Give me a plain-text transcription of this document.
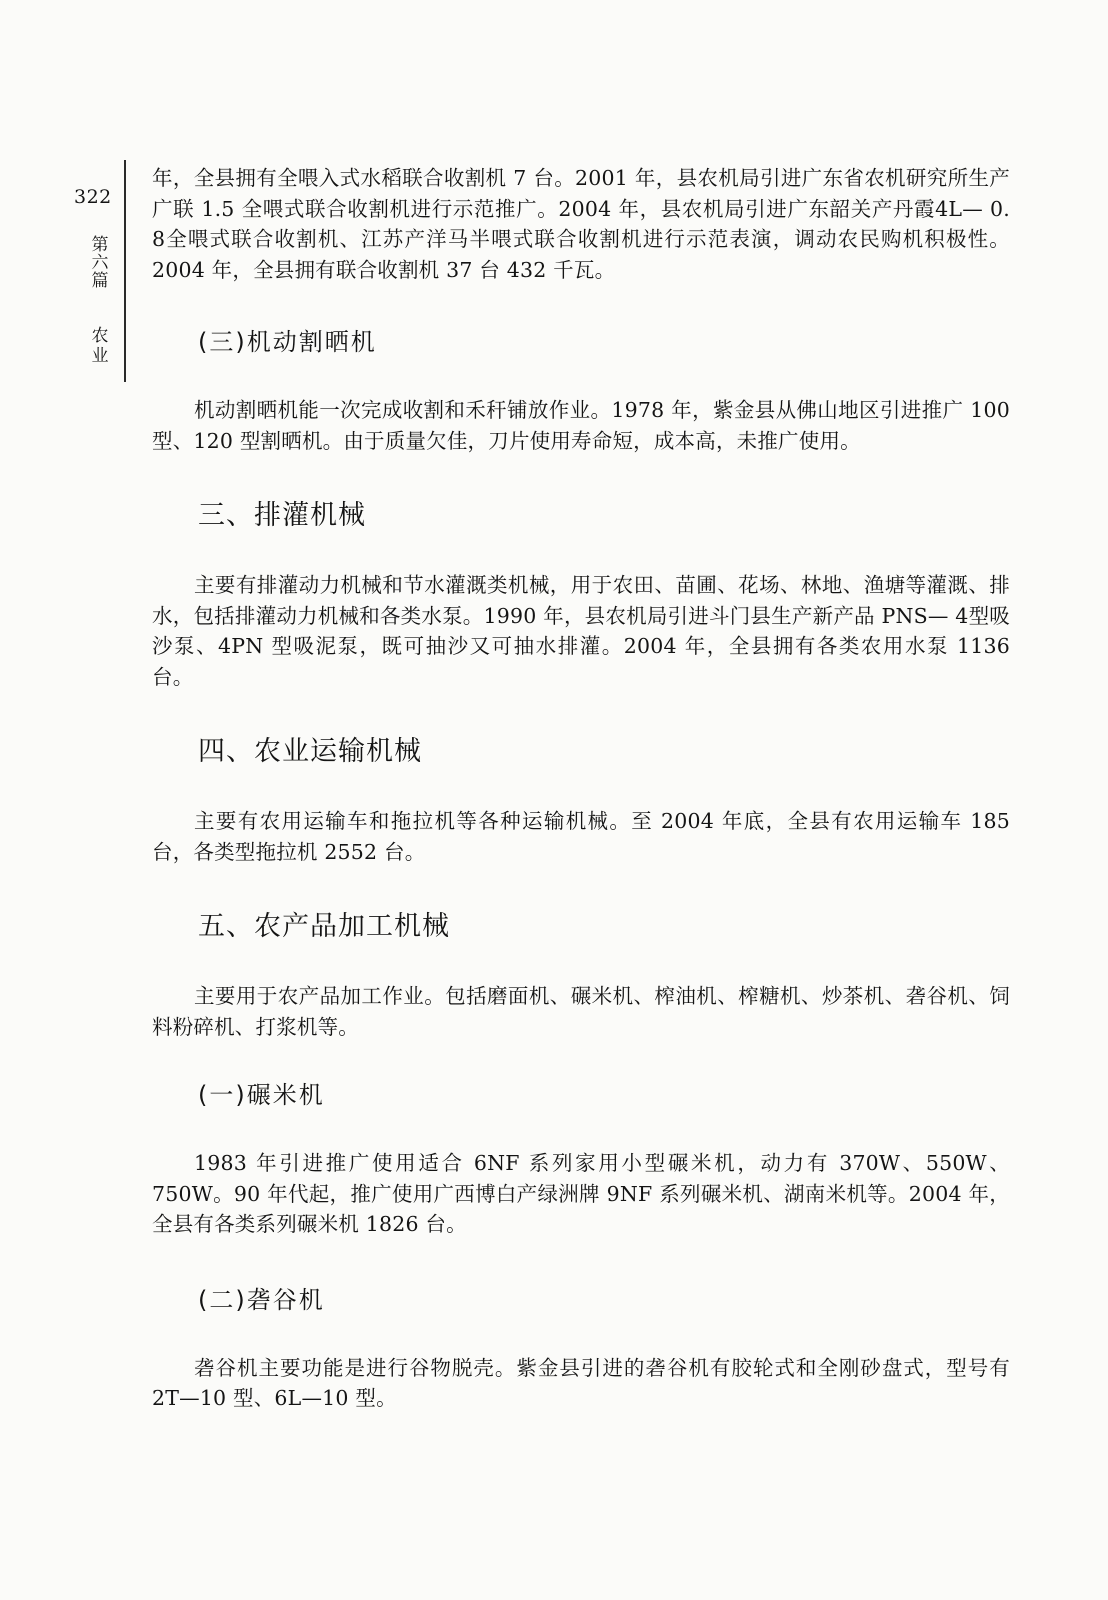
322
第
六
篇
农
业

年，全县拥有全喂入式水稻联合收割机 7 台。2001 年，县农机局引进广东省农机研究所生产广联 1.5 全喂式联合收割机进行示范推广。2004 年，县农机局引进广东韶关产丹霞4L— 0. 8全喂式联合收割机、江苏产洋马半喂式联合收割机进行示范表演，调动农民购机积极性。2004 年，全县拥有联合收割机 37 台 432 千瓦。

(三)机动割晒机

机动割晒机能一次完成收割和禾秆铺放作业。1978 年，紫金县从佛山地区引进推广 100 型、120 型割晒机。由于质量欠佳，刀片使用寿命短，成本高，未推广使用。

三、排灌机械

主要有排灌动力机械和节水灌溉类机械，用于农田、苗圃、花场、林地、渔塘等灌溉、排水，包括排灌动力机械和各类水泵。1990 年，县农机局引进斗门县生产新产品 PNS— 4型吸沙泵、4PN 型吸泥泵，既可抽沙又可抽水排灌。2004 年，全县拥有各类农用水泵 1136 台。

四、农业运输机械

主要有农用运输车和拖拉机等各种运输机械。至 2004 年底，全县有农用运输车 185 台，各类型拖拉机 2552 台。

五、农产品加工机械

主要用于农产品加工作业。包括磨面机、碾米机、榨油机、榨糖机、炒茶机、砻谷机、饲料粉碎机、打浆机等。

(一)碾米机

1983 年引进推广使用适合 6NF 系列家用小型碾米机，动力有 370W、550W、750W。90 年代起，推广使用广西博白产绿洲牌 9NF 系列碾米机、湖南米机等。2004 年，全县有各类系列碾米机 1826 台。

(二)砻谷机

砻谷机主要功能是进行谷物脱壳。紫金县引进的砻谷机有胶轮式和全刚砂盘式，型号有 2T—10 型、6L—10 型。
